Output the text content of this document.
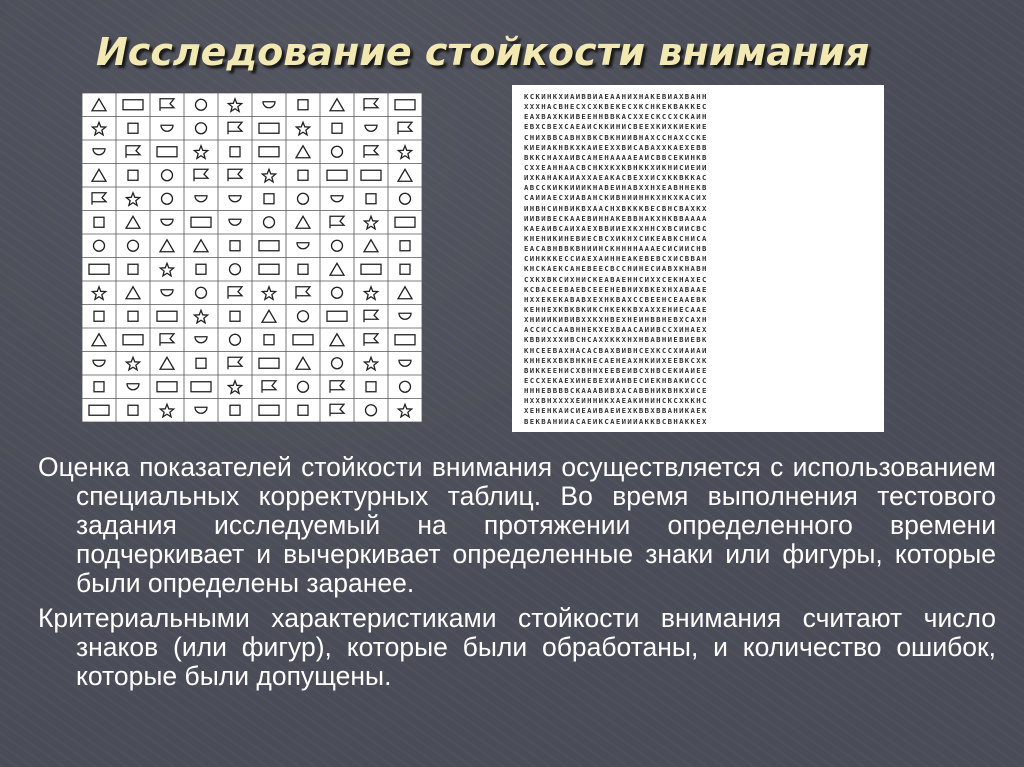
Исследование стойкости внимания
КСКИНКХИАИВВИАЕААНИХНАКЕВИАХВАНН
ХХХНАСВНЕСХСХКВЕКЕСХКСНКЕКВАККЕС
ЕАХВАХККИВЕЕННВВКАСХХЕСКССХСКАИН
ЕВХСВЕХСАЕАИСККИНИСВЕЕХКИХКИЕКИЕ
СНИХВВСАВНХВКСВКНИИВНАХССНАХССКЕ
КИЕИАКНВКХКАИЕЕХХВИСАВАХХКАЕХЕВВ
ВККСНАХАИВСАНЕНААААЕАИСВВСЕКИНКВ
СХХЕАННААСВСНКХКХКВНККХИКНИСИЕИИ
ИХКАНАКАИАХХАЕАКАСВЕХХИСХККВККАС
АВССКИККИИИКНАВЕИНАВХХНХЕАВННЕКВ
САИИАЕСХИАВАНСКИВНИИННКХНКХКАСИХ
ИНВНСИНВИКВХААСНХВКККВЕСВНСВАХКХ
ИИВИВЕСКААЕВИННАКЕВВНАКХНКВВАААА
КАЕАИВСАИХАЕХВВИИЕХКХННСХВСИИСВС
КНЕНИКИНЕВИЕСВСХИКНХСИКЕАВКСНИСА
ЕАСАВНВВКВНИИНСКННННАААЕСИСИИСНВ
СИНКККЕССИАЕХАИННЕАКЕВЕВСХИСВВАН
КНСКАЕКСАНЕВЕЕСВССНИНЕСИАВХКНАВН
СХКХВКСИХНИСКЕАВАЕННСИХХСЕКНАХЕС
КСВАСЕЕВАЕВСЕЕЕНЕВНИХВКЕХНХАВААЕ
НХХЕКЕКАВАВХЕХНКВАХССВЕЕНСЕААЕВК
КЕННЕХКВКВКИКСНКЕККВХАХХЕНИЕСААЕ
ХНИИИКИВИВХХКХНВЕХНЕИНВВНЕВХСАХН
АССИССААВННЕКХЕХВААСАИИВССХИНАЕХ
КВВИХХХИВСНСАХХККХНХНВАВНИЕВИЕВК
КНСЕЕВАХНАСАСВАХВИВНСЕХКССХИАИАИ
КННЕКХВКВНКНЕСАЕНЕАХНКИИХЕЕВКСХК
ВИККЕЕНИСХВННХЕЕВЕИВСХНВСЕКИАИЕЕ
ЕССХЕКАЕХИНЕВЕХИАНВЕСИЕКНВАКИССС
НННЕВВВВСКАААВИВХАСАВВНИКВНКХИСЕ
НХХВНХХХХЕИННИКХАЕАКИНИНСКСХККНС
ХЕНЕНКАИСИЕАИВАЕИЕХКВВХВВАНИКАЕК
ВЕКВАНИИАСАЕИКСАЕИИИАККВСВНАККЕХ

Оценка показателей стойкости внимания осуществляется с использованием специальных корректурных таблиц. Во время выполнения тестового задания исследуемый на протяжении определенного времени подчеркивает и вычеркивает определенные знаки или фигуры, которые были определены заранее.

Критериальными характеристиками стойкости внимания считают число знаков (или фигур), которые были обработаны, и количество ошибок, которые были допущены.
